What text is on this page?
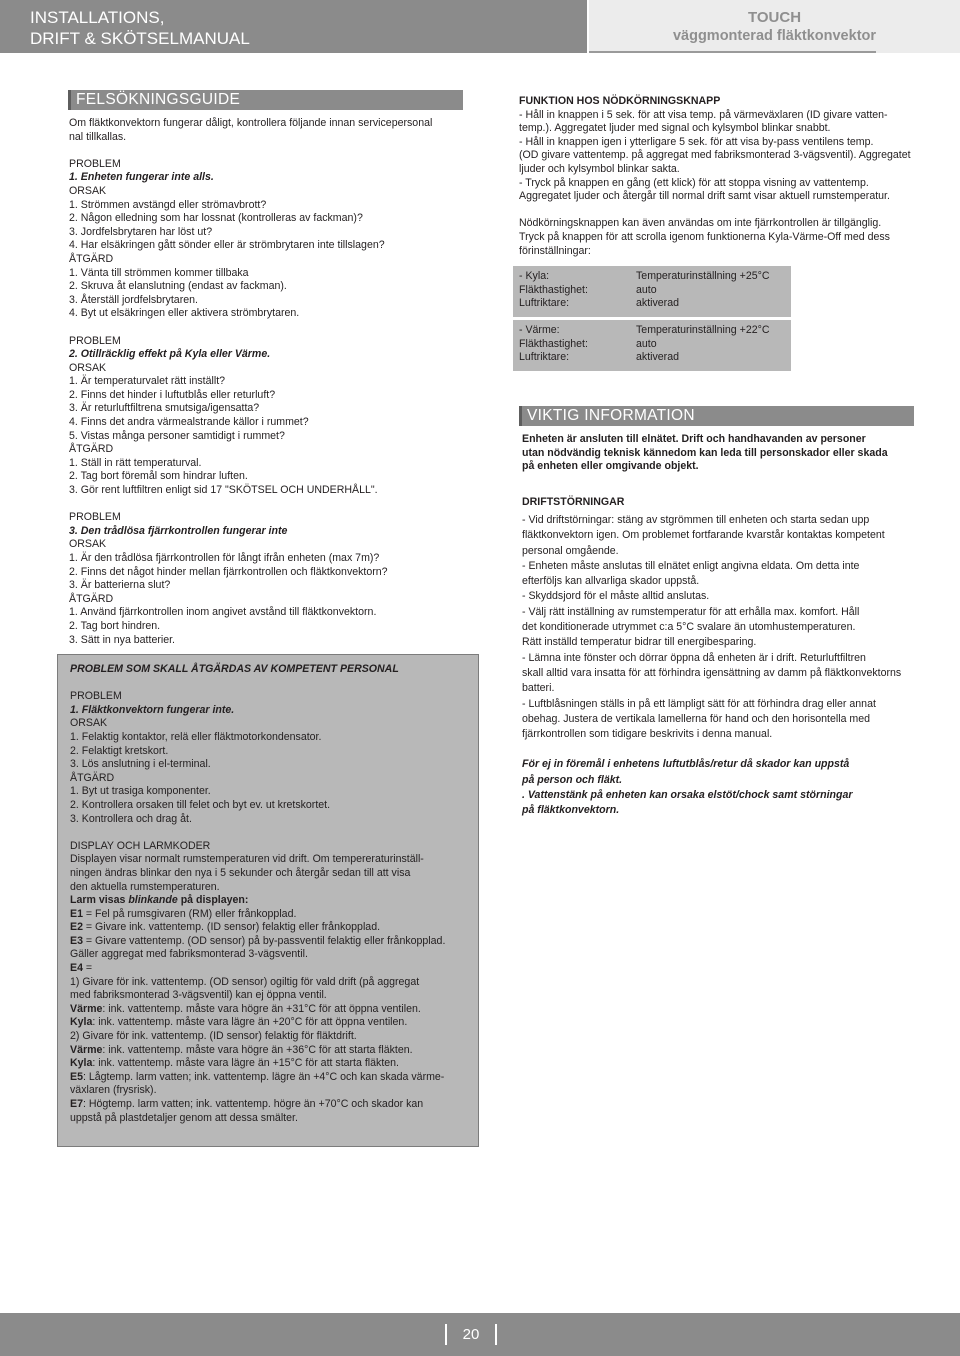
INSTALLATIONS,
DRIFT & SKÖTSELMANUAL
TOUCH
väggmonterad fläktkonvektor
FELSÖKNINGSGUIDE
Om fläktkonvektorn fungerar dåligt, kontrollera följande innan servicepersonal
nal tillkallas.
PROBLEM
1. Enheten fungerar inte alls.
ORSAK
1. Strömmen avstängd eller strömavbrott?
2. Någon elledning som har lossnat (kontrolleras av fackman)?
3. Jordfelsbrytaren har löst ut?
4. Har elsäkringen gått sönder eller är strömbrytaren inte tillslagen?
ÅTGÄRD
1. Vänta till strömmen kommer tillbaka
2. Skruva åt elanslutning (endast av fackman).
3. Återställ jordfelsbrytaren.
4. Byt ut elsäkringen eller aktivera strömbrytaren.
PROBLEM
2. Otillräcklig effekt på Kyla eller Värme.
ORSAK
1. Är temperaturvalet rätt inställt?
2. Finns det hinder i luftutblås eller returluft?
3. Är returluftfiltrena smutsiga/igensatta?
4. Finns det andra värmealstrande källor i rummet?
5. Vistas många personer samtidigt i rummet?
ÅTGÄRD
1. Ställ in rätt temperaturval.
2. Tag bort föremål som hindrar luften.
3. Gör rent luftfiltren enligt sid 17 "SKÖTSEL OCH UNDERHÅLL".
PROBLEM
3. Den trådlösa fjärrkontrollen fungerar inte
ORSAK
1. Är den trådlösa fjärrkontrollen för långt ifrån enheten (max 7m)?
2. Finns det något hinder mellan fjärrkontrollen och fläktkonvektorn?
3. Är batterierna slut?
ÅTGÄRD
1. Använd fjärrkontrollen inom angivet avstånd till fläktkonvektorn.
2. Tag bort hindren.
3. Sätt in nya batterier.
PROBLEM SOM SKALL ÅTGÄRDAS AV KOMPETENT PERSONAL
PROBLEM
1. Fläktkonvektorn fungerar inte.
ORSAK
1. Felaktig kontaktor, relä eller fläktmotorkondensator.
2. Felaktigt kretskort.
3. Lös anslutning i el-terminal.
ÅTGÄRD
1. Byt ut trasiga komponenter.
2. Kontrollera orsaken till felet och byt ev. ut kretskortet.
3. Kontrollera och drag åt.
DISPLAY OCH LARMKODER
Displayen visar normalt rumstemperaturen vid drift. Om tempereraturinställ-
ningen ändras blinkar den nya i 5 sekunder och återgår sedan till att visa
den aktuella rumstemperaturen.
Larm visas blinkande på displayen:
E1 = Fel på rumsgivaren (RM) eller frånkopplad.
E2 = Givare ink. vattentemp. (ID sensor) felaktig eller frånkopplad.
E3 = Givare vattentemp. (OD sensor) på by-passventil felaktig eller frånkopplad.
Gäller aggregat med fabriksmonterad 3-vägsventil.
E4 =
1) Givare för ink. vattentemp. (OD sensor) ogiltig för vald drift (på aggregat
med fabriksmonterad 3-vägsventil) kan ej öppna ventil.
Värme: ink. vattentemp. måste vara högre än +31°C för att öppna ventilen.
Kyla: ink. vattentemp. måste vara lägre än +20°C för att öppna ventilen.
2) Givare för ink. vattentemp. (ID sensor) felaktig för fläktdrift.
Värme: ink. vattentemp. måste vara högre än +36°C för att starta fläkten.
Kyla: ink. vattentemp. måste vara lägre än +15°C för att starta fläkten.
E5: Lågtemp. larm vatten; ink. vattentemp. lägre än +4°C och kan skada värme-
växlaren (frysrisk).
E7: Högtemp. larm vatten; ink. vattentemp. högre än +70°C och skador kan
uppstå på plastdetaljer genom att dessa smälter.
FUNKTION HOS NÖDKÖRNINGSKNAPP
- Håll in knappen i 5 sek. för att visa temp. på värmeväxlaren (ID givare vatten-
temp.). Aggregatet ljuder med signal och kylsymbol blinkar snabbt.
- Håll in knappen igen i ytterligare 5 sek. för att visa by-pass ventilens temp.
(OD givare vattentemp. på aggregat med fabriksmonterad 3-vägsventil). Aggregatet
ljuder och kylsymbol blinkar sakta.
- Tryck på knappen en gång (ett klick) för att stoppa visning av vattentemp.
Aggregatet ljuder och återgår till normal drift samt visar aktuell rumstemperatur.
Nödkörningsknappen kan även användas om inte fjärrkontrollen är tillgänglig.
Tryck på knappen för att scrolla igenom funktionerna Kyla-Värme-Off med dess
förinställningar:
- Kyla:	Temperaturinställning +25°C
Fläkthastighet:	auto
Luftriktare:	aktiverad
- Värme:	Temperaturinställning +22°C
Fläkthastighet:	auto
Luftriktare:	aktiverad
VIKTIG INFORMATION
Enheten är ansluten till elnätet. Drift och handhavanden av personer
utan nödvändig teknisk kännedom kan leda till personskador eller skada
på enheten eller omgivande objekt.
DRIFTSTÖRNINGAR
- Vid driftstörningar: stäng av stgrömmen till enheten och starta sedan upp
fläktkonvektorn igen. Om problemet fortfarande kvarstår kontaktas kompetent
personal omgående.
- Enheten måste anslutas till elnätet enligt angivna eldata. Om detta inte
efterföljs kan allvarliga skador uppstå.
- Skyddsjord för el måste alltid anslutas.
- Välj rätt inställning av rumstemperatur för att erhålla max. komfort. Håll
det konditionerade utrymmet c:a 5°C svalare än utomhustemperaturen.
Rätt inställd temperatur bidrar till energibesparing.
- Lämna inte fönster och dörrar öppna då enheten är i drift. Returluftfiltren
skall alltid vara insatta för att förhindra igensättning av damm på fläktkonvektorns
batteri.
- Luftblåsningen ställs in på ett lämpligt sätt för att förhindra drag eller annat
obehag. Justera de vertikala lamellerna för hand och den horisontella med
fjärrkontrollen som tidigare beskrivits i denna manual.
För ej in föremål i enhetens luftutblås/retur då skador kan uppstå
på person och fläkt.
. Vattenstänk på enheten kan orsaka elstöt/chock samt störningar
på fläktkonvektorn.
20
